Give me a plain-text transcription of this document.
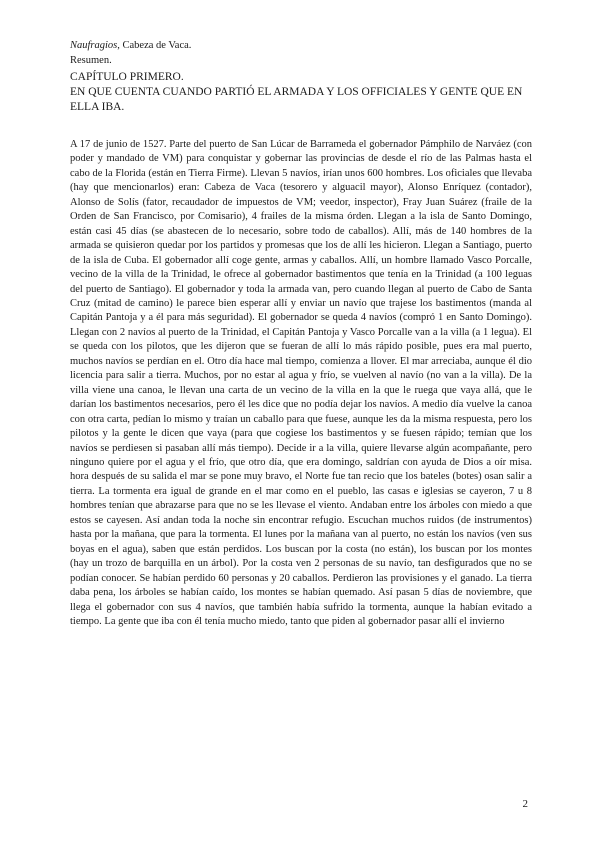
Naufragios, Cabeza de Vaca.
Resumen.
CAPÍTULO PRIMERO.
EN QUE CUENTA CUANDO PARTIÓ EL ARMADA Y LOS OFFICIALES Y GENTE QUE EN ELLA IBA.

A 17 de junio de 1527. Parte del puerto de San Lúcar de Barrameda el gobernador Pámphilo de Narváez (con poder y mandado de VM) para conquistar y gobernar las provincias de desde el río de las Palmas hasta el cabo de la Florida (están en Tierra Firme). Llevan 5 navíos, irían unos 600 hombres. Los oficiales que llevaba (hay que mencionarlos) eran: Cabeza de Vaca (tesorero y alguacil mayor), Alonso Enríquez (contador), Alonso de Solís (fator, recaudador de impuestos de VM; veedor, inspector), Fray Juan Suárez (fraile de la Orden de San Francisco, por Comisario), 4 frailes de la misma órden. Llegan a la isla de Santo Domingo, están casi 45 días (se abastecen de lo necesario, sobre todo de caballos). Allí, más de 140 hombres de la armada se quisieron quedar por los partidos y promesas que los de allí les hicieron. Llegan a Santiago, puerto de la isla de Cuba. El gobernador allí coge gente, armas y caballos. Allí, un hombre llamado Vasco Porcalle, vecino de la villa de la Trinidad, le ofrece al gobernador bastimentos que tenía en la Trinidad (a 100 leguas del puerto de Santiago). El gobernador y toda la armada van, pero cuando llegan al puerto de Cabo de Santa Cruz (mitad de camino) le parece bien esperar allí y enviar un navío que trajese los bastimentos (manda al Capitán Pantoja y a él para más seguridad). El gobernador se queda 4 navíos (compró 1 en Santo Domingo). Llegan con 2 navíos al puerto de la Trinidad, el Capitán Pantoja y Vasco Porcalle van a la villa (a 1 legua). El se queda con los pilotos, que les dijeron que se fueran de allí lo más rápido posible, pues era mal puerto, muchos navíos se perdían en el. Otro día hace mal tiempo, comienza a llover. El mar arreciaba, aunque él dio licencia para salir a tierra. Muchos, por no estar al agua y frío, se vuelven al navío (no van a la villa). De la villa viene una canoa, le llevan una carta de un vecino de la villa en la que le ruega que vaya allá, que le darían los bastimentos necesarios, pero él les dice que no podía dejar los navíos. A medio día vuelve la canoa con otra carta, pedían lo mismo y traían un caballo para que fuese, aunque les da la misma respuesta, pero los pilotos y la gente le dicen que vaya (para que cogiese los bastimentos y se fuesen rápido; temían que los navíos se perdiesen si pasaban allí más tiempo). Decide ir a la villa, quiere llevarse algún acompañante, pero ninguno quiere por el agua y el frío, que otro día, que era domingo, saldrían con ayuda de Dios a oír misa. hora después de su salida el mar se pone muy bravo, el Norte fue tan recio que los bateles (botes) osan salir a tierra. La tormenta era igual de grande en el mar como en el pueblo, las casas e iglesias se cayeron, 7 u 8 hombres tenían que abrazarse para que no se les llevase el viento. Andaban entre los árboles con miedo a que estos se cayesen. Así andan toda la noche sin encontrar refugio. Escuchan muchos ruidos (de instrumentos) hasta por la mañana, que para la tormenta. El lunes por la mañana van al puerto, no están los navíos (ven sus boyas en el agua), saben que están perdidos. Los buscan por la costa (no están), los buscan por los montes (hay un trozo de barquilla en un árbol). Por la costa ven 2 personas de su navío, tan desfigurados que no se podían conocer. Se habían perdido 60 personas y 20 caballos. Perdieron las provisiones y el ganado. La tierra daba pena, los árboles se habían caído, los montes se habían quemado. Así pasan 5 días de noviembre, que llega el gobernador con sus 4 navíos, que también había sufrido la tormenta, aunque la habían evitado a tiempo. La gente que iba con él tenía mucho miedo, tanto que piden al gobernador pasar allí el invierno

2
